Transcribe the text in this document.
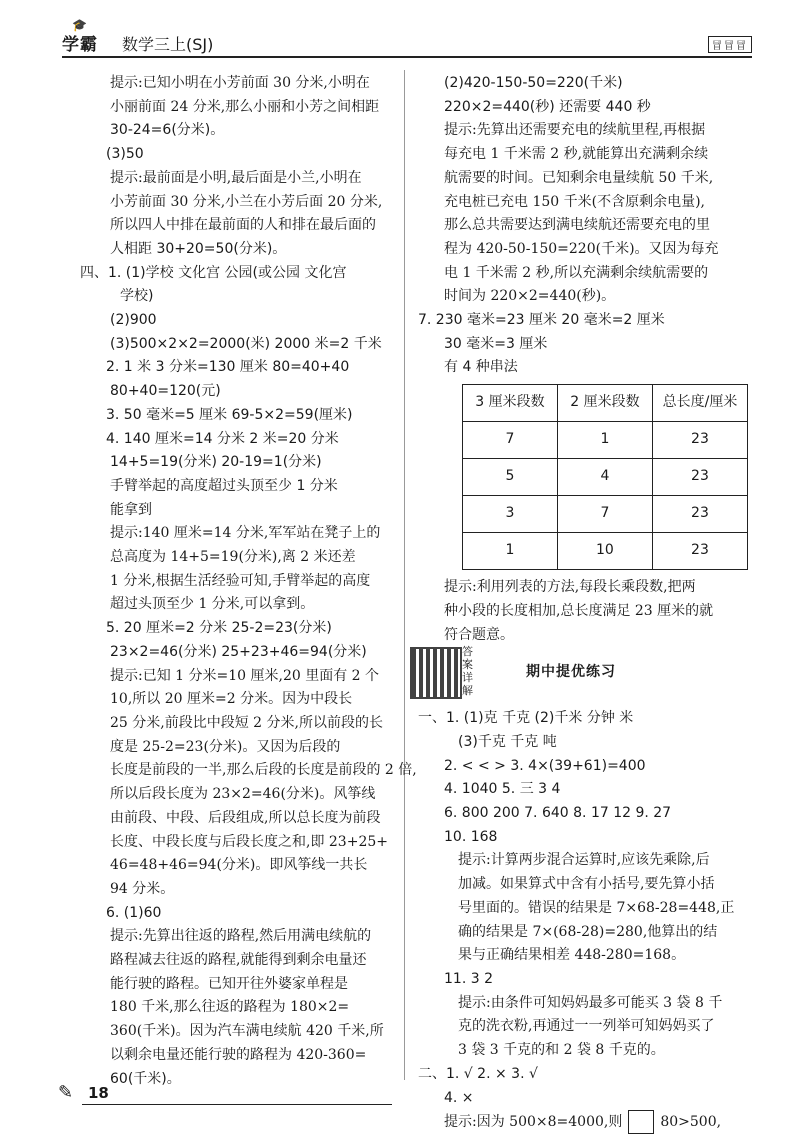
🎓
学霸 数学三上(SJ)	冒冒冒
提示:已知小明在小芳前面 30 分米,小明在
小丽前面 24 分米,那么小丽和小芳之间相距
30-24=6(分米)。
(3)50
提示:最前面是小明,最后面是小兰,小明在
小芳前面 30 分米,小兰在小芳后面 20 分米,
所以四人中排在最前面的人和排在最后面的
人相距 30+20=50(分米)。
四、1. (1)学校 文化宫 公园(或公园 文化宫
学校)
(2)900
(3)500×2×2=2000(米) 2000 米=2 千米
2. 1 米 3 分米=130 厘米 80=40+40
80+40=120(元)
3. 50 毫米=5 厘米 69-5×2=59(厘米)
4. 140 厘米=14 分米 2 米=20 分米
14+5=19(分米) 20-19=1(分米)
手臂举起的高度超过头顶至少 1 分米
能拿到
提示:140 厘米=14 分米,军军站在凳子上的
总高度为 14+5=19(分米),离 2 米还差
1 分米,根据生活经验可知,手臂举起的高度
超过头顶至少 1 分米,可以拿到。
5. 20 厘米=2 分米 25-2=23(分米)
23×2=46(分米) 25+23+46=94(分米)
提示:已知 1 分米=10 厘米,20 里面有 2 个
10,所以 20 厘米=2 分米。因为中段长
25 分米,前段比中段短 2 分米,所以前段的长
度是 25-2=23(分米)。又因为后段的
长度是前段的一半,那么后段的长度是前段的 2 倍,
所以后段长度为 23×2=46(分米)。风筝线
由前段、中段、后段组成,所以总长度为前段
长度、中段长度与后段长度之和,即 23+25+
46=48+46=94(分米)。即风筝线一共长
94 分米。
6. (1)60
提示:先算出往返的路程,然后用满电续航的
路程减去往返的路程,就能得到剩余电量还
能行驶的路程。已知开往外婆家单程是
180 千米,那么往返的路程为 180×2=
360(千米)。因为汽车满电续航 420 千米,所
以剩余电量还能行驶的路程为 420-360=
60(千米)。
(2)420-150-50=220(千米)
220×2=440(秒) 还需要 440 秒
提示:先算出还需要充电的续航里程,再根据
每充电 1 千米需 2 秒,就能算出充满剩余续
航需要的时间。已知剩余电量续航 50 千米,
充电桩已充电 150 千米(不含原剩余电量),
那么总共需要达到满电续航还需要充电的里
程为 420-50-150=220(千米)。又因为每充
电 1 千米需 2 秒,所以充满剩余续航需要的
时间为 220×2=440(秒)。
7. 230 毫米=23 厘米 20 毫米=2 厘米
30 毫米=3 厘米
有 4 种串法
3 厘米段数	2 厘米段数	总长度/厘米
7	1	23
5	4	23
3	7	23
1	10	23
提示:利用列表的方法,每段长乘段数,把两
种小段的长度相加,总长度满足 23 厘米的就
符合题意。
答案详解
期中提优练习
一、1. (1)克 千克 (2)千米 分钟 米
(3)千克 千克 吨
2. < < > 3. 4×(39+61)=400
4. 1040 5. 三 3 4
6. 800 200 7. 640 8. 17 12 9. 27
10. 168
提示:计算两步混合运算时,应该先乘除,后
加减。如果算式中含有小括号,要先算小括
号里面的。错误的结果是 7×68-28=448,正
确的结果是 7×(68-28)=280,他算出的结
果与正确结果相差 448-280=168。
11. 3 2
提示:由条件可知妈妈最多可能买 3 袋 8 千
克的洗衣粉,再通过一一列举可知妈妈买了
3 袋 3 千克的和 2 袋 8 千克的。
二、1. √ 2. × 3. √
4. ×
提示:因为 500×8=4000,则	80>500,
✎ 18
